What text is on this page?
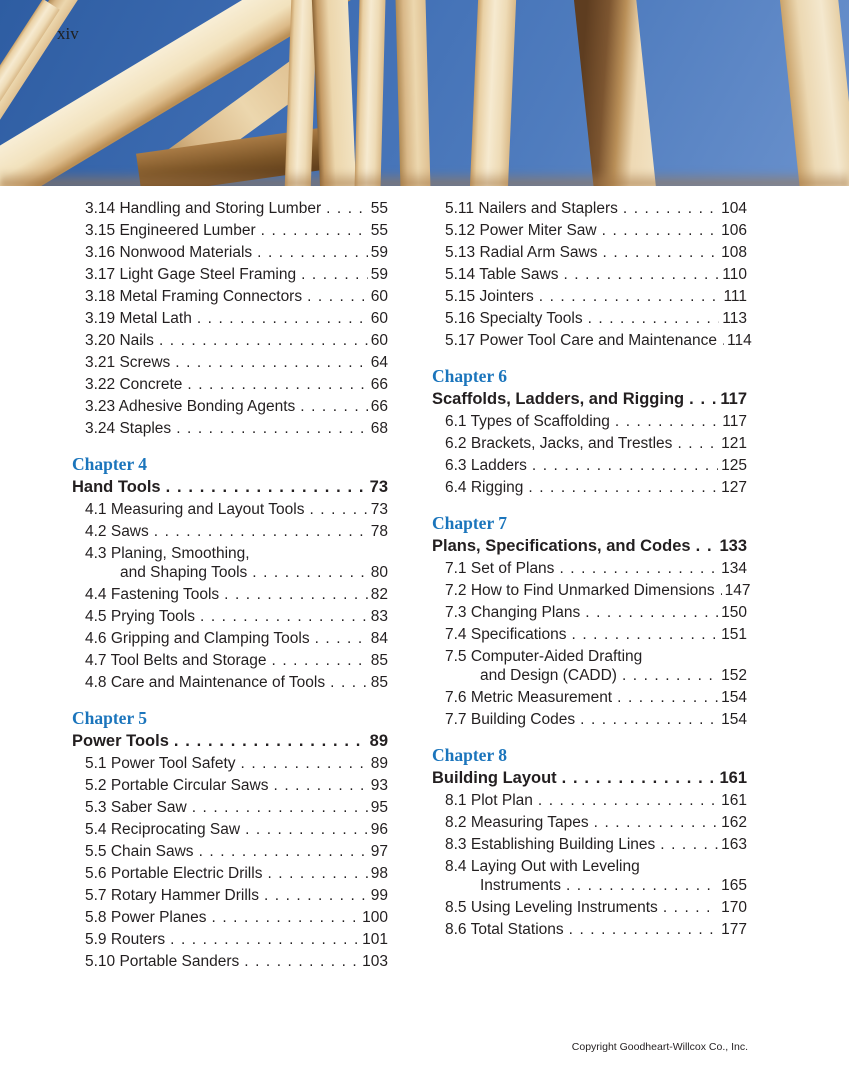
xiv
3.14 Handling and Storing Lumber . . .	55
3.15 Engineered Lumber . . .	55
3.16 Nonwood Materials . . .	59
3.17 Light Gage Steel Framing . . .	59
3.18 Metal Framing Connectors . . .	60
3.19 Metal Lath . . .	60
3.20 Nails . . .	60
3.21 Screws . . .	64
3.22 Concrete . . .	66
3.23 Adhesive Bonding Agents . . .	66
3.24 Staples . . .	68
Chapter 4
Hand Tools . . .	73
4.1 Measuring and Layout Tools . . .	73
4.2 Saws . . .	78
4.3 Planing, Smoothing,
and Shaping Tools . . .	80
4.4 Fastening Tools . . .	82
4.5 Prying Tools . . .	83
4.6 Gripping and Clamping Tools . . .	84
4.7 Tool Belts and Storage . . .	85
4.8 Care and Maintenance of Tools . . .	85
Chapter 5
Power Tools . . .	89
5.1 Power Tool Safety . . .	89
5.2 Portable Circular Saws . . .	93
5.3 Saber Saw . . .	95
5.4 Reciprocating Saw . . .	96
5.5 Chain Saws . . .	97
5.6 Portable Electric Drills . . .	98
5.7 Rotary Hammer Drills . . .	99
5.8 Power Planes . . .	100
5.9 Routers . . .	101
5.10 Portable Sanders . . .	103
5.11 Nailers and Staplers . . .	104
5.12 Power Miter Saw . . .	106
5.13 Radial Arm Saws . . .	108
5.14 Table Saws . . .	110
5.15 Jointers . . .	111
5.16 Specialty Tools . . .	113
5.17 Power Tool Care and Maintenance . . . 114
Chapter 6
Scaffolds, Ladders, and Rigging . . . 117
6.1 Types of Scaffolding . . .	117
6.2 Brackets, Jacks, and Trestles . . .	121
6.3 Ladders . . .	125
6.4 Rigging . . .	127
Chapter 7
Plans, Specifications, and Codes . . . 133
7.1 Set of Plans . . .	134
7.2 How to Find Unmarked Dimensions . . . 147
7.3 Changing Plans . . .	150
7.4 Specifications . . .	151
7.5 Computer-Aided Drafting
and Design (CADD) . . .	152
7.6 Metric Measurement . . .	154
7.7 Building Codes . . .	154
Chapter 8
Building Layout . . .	161
8.1 Plot Plan . . .	161
8.2 Measuring Tapes . . .	162
8.3 Establishing Building Lines . . .	163
8.4 Laying Out with Leveling
Instruments . . .	165
8.5 Using Leveling Instruments . . .	170
8.6 Total Stations . . .	177
Copyright Goodheart-Willcox Co., Inc.
